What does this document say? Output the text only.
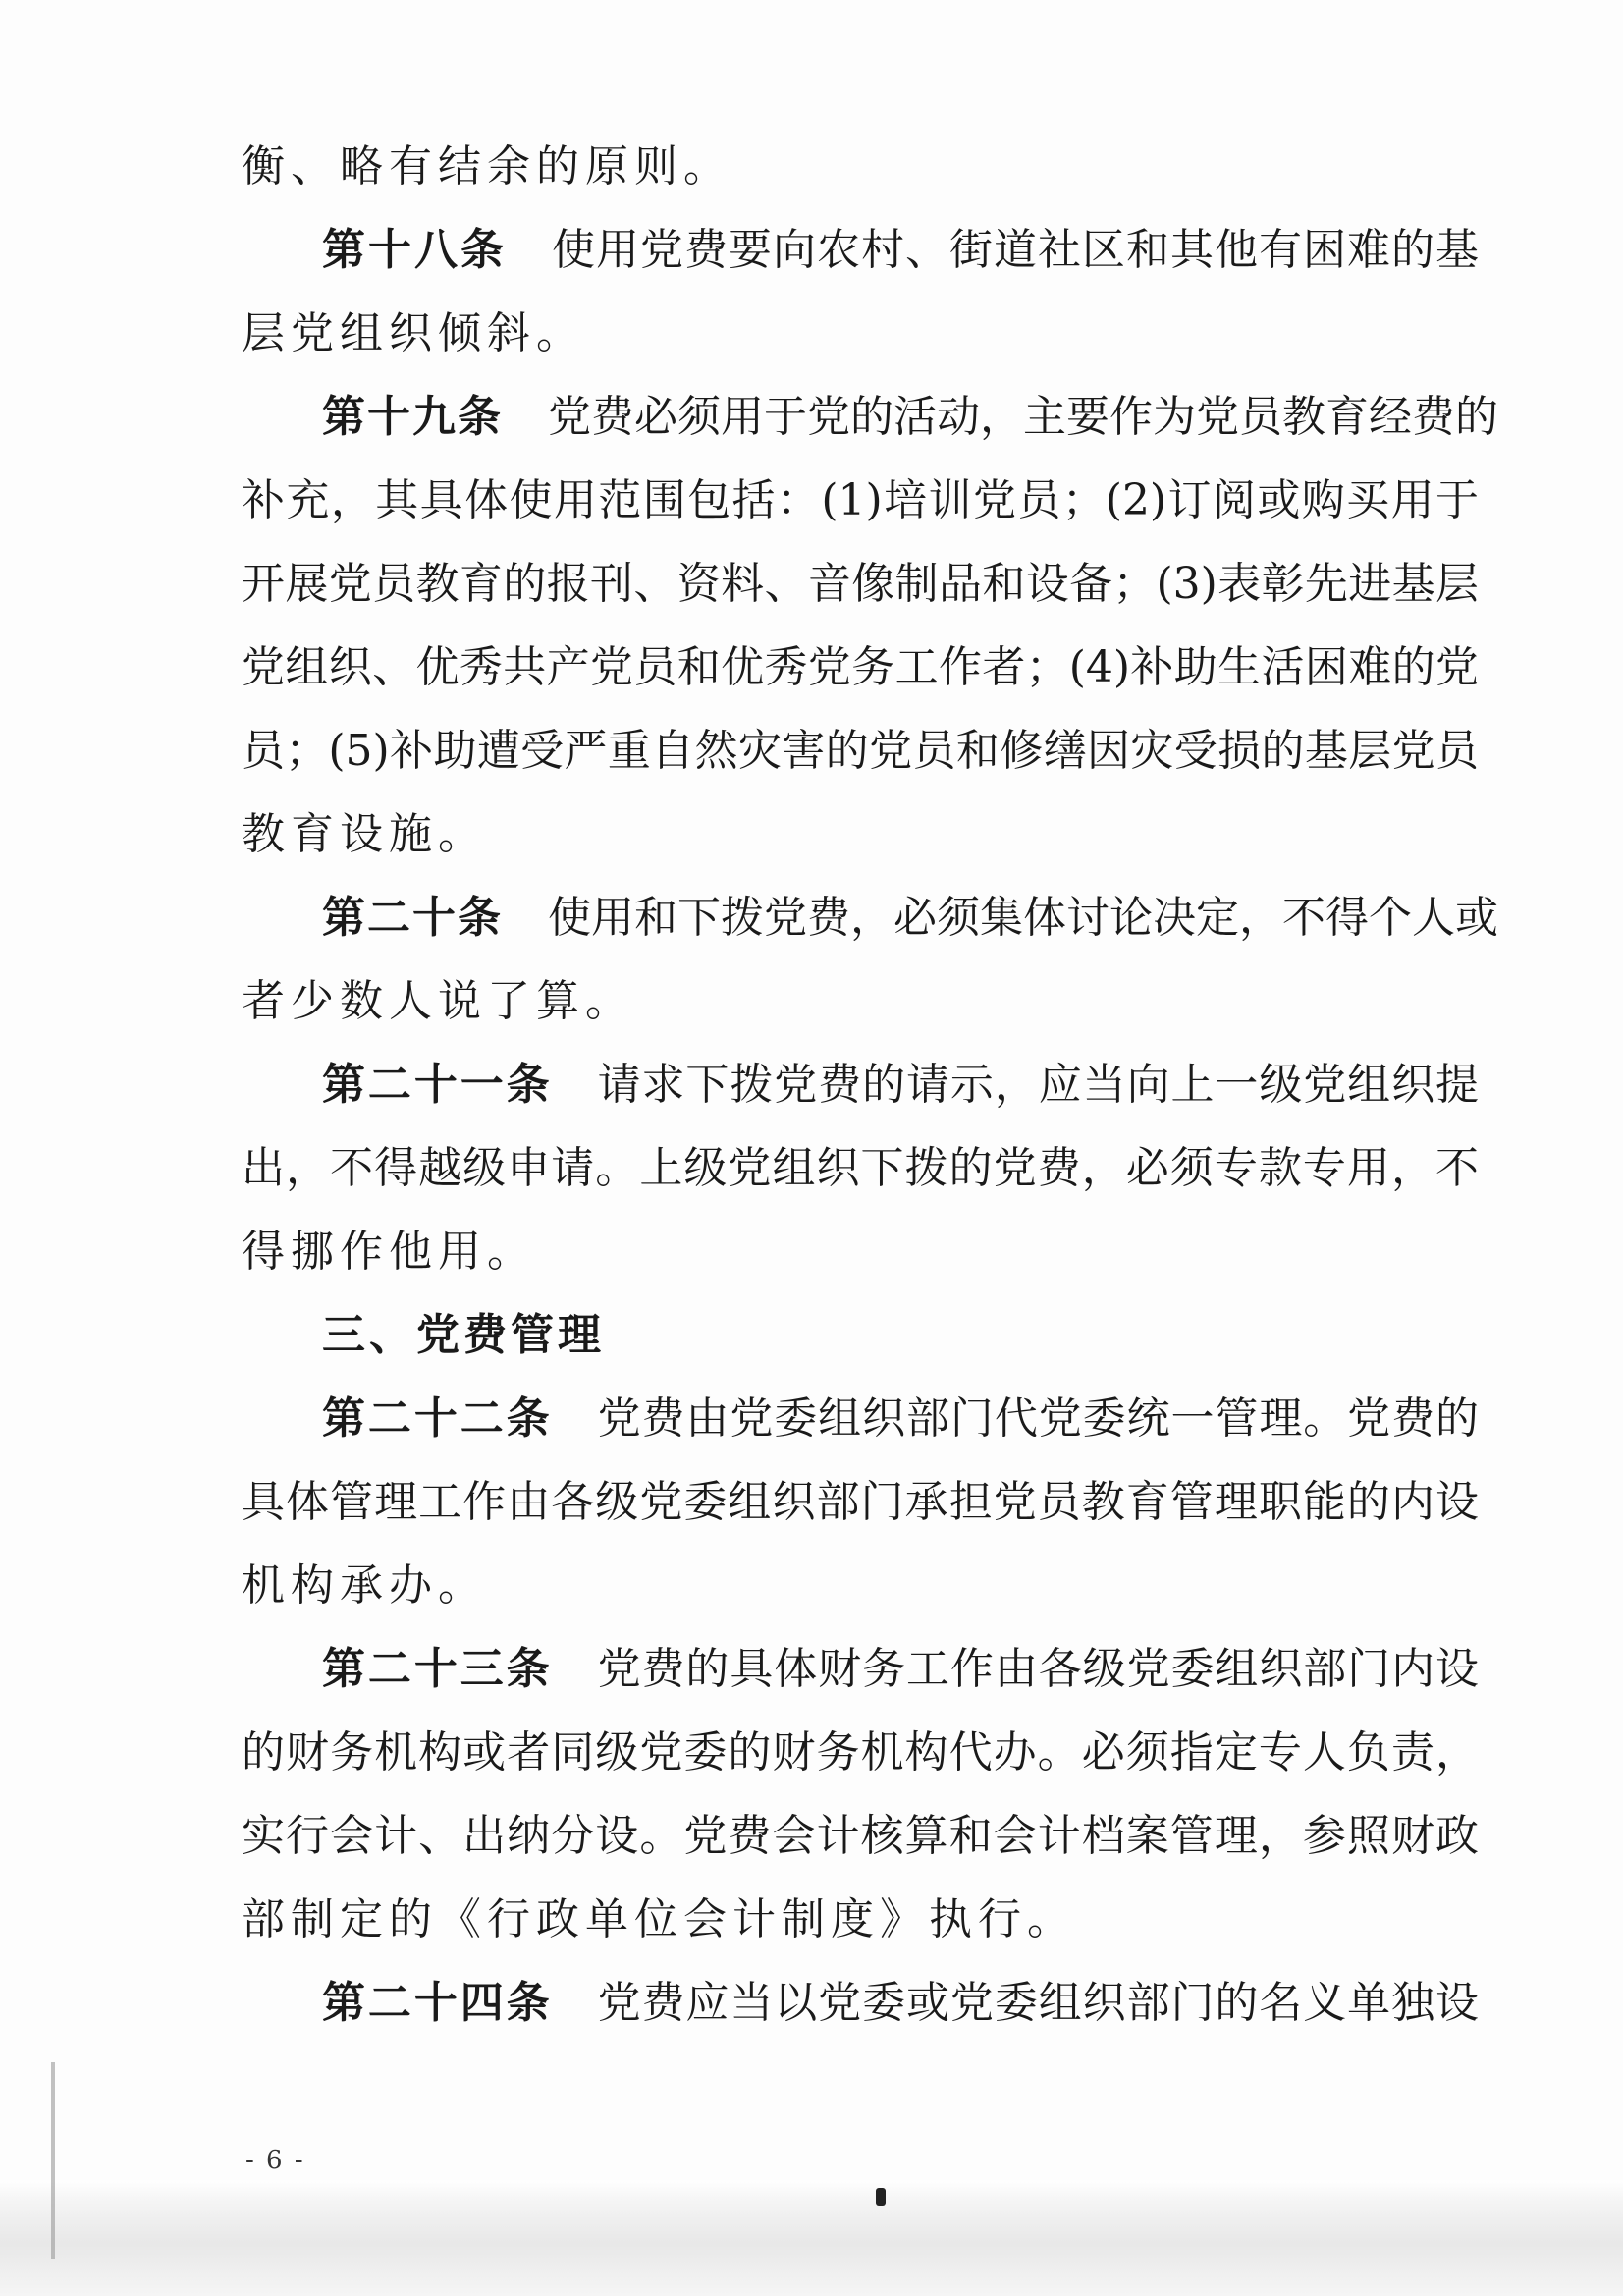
衡、略有结余的原则。
第十八条 使用党费要向农村、街道社区和其他有困难的基
层党组织倾斜。
第十九条 党费必须用于党的活动，主要作为党员教育经费的
补充，其具体使用范围包括：(1)培训党员；(2)订阅或购买用于
开展党员教育的报刊、资料、音像制品和设备；(3)表彰先进基层
党组织、优秀共产党员和优秀党务工作者；(4)补助生活困难的党
员；(5)补助遭受严重自然灾害的党员和修缮因灾受损的基层党员
教育设施。
第二十条 使用和下拨党费，必须集体讨论决定，不得个人或
者少数人说了算。
第二十一条 请求下拨党费的请示，应当向上一级党组织提
出，不得越级申请。上级党组织下拨的党费，必须专款专用，不
得挪作他用。
三、党费管理
第二十二条 党费由党委组织部门代党委统一管理。党费的
具体管理工作由各级党委组织部门承担党员教育管理职能的内设
机构承办。
第二十三条 党费的具体财务工作由各级党委组织部门内设
的财务机构或者同级党委的财务机构代办。必须指定专人负责，
实行会计、出纳分设。党费会计核算和会计档案管理，参照财政
部制定的《行政单位会计制度》执行。
第二十四条 党费应当以党委或党委组织部门的名义单独设
- 6 -
